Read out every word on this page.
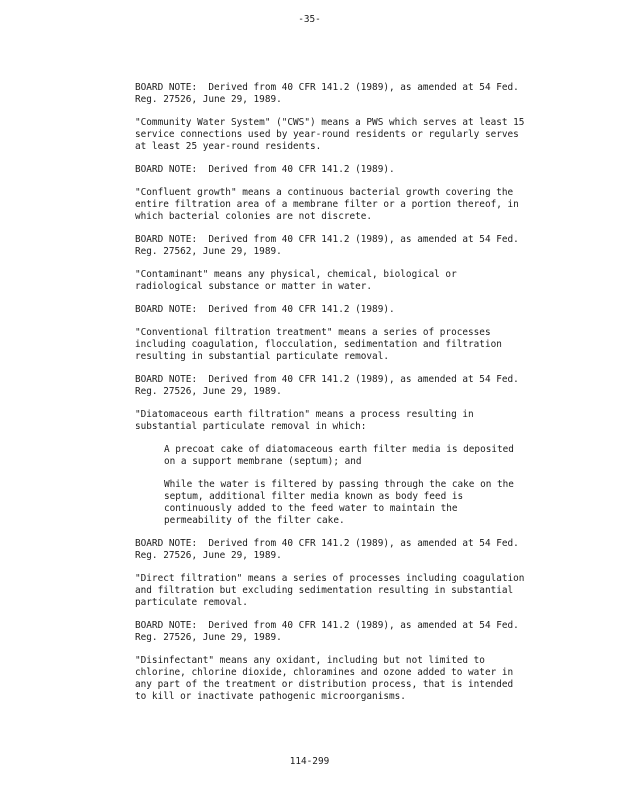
-35-

BOARD NOTE:  Derived from 40 CFR 141.2 (1989), as amended at 54 Fed.
Reg. 27526, June 29, 1989.

"Community Water System" ("CWS") means a PWS which serves at least 15
service connections used by year-round residents or regularly serves
at least 25 year-round residents.

BOARD NOTE:  Derived from 40 CFR 141.2 (1989).

"Confluent growth" means a continuous bacterial growth covering the
entire filtration area of a membrane filter or a portion thereof, in
which bacterial colonies are not discrete.

BOARD NOTE:  Derived from 40 CFR 141.2 (1989), as amended at 54 Fed.
Reg. 27562, June 29, 1989.

"Contaminant" means any physical, chemical, biological or
radiological substance or matter in water.

BOARD NOTE:  Derived from 40 CFR 141.2 (1989).

"Conventional filtration treatment" means a series of processes
including coagulation, flocculation, sedimentation and filtration
resulting in substantial particulate removal.

BOARD NOTE:  Derived from 40 CFR 141.2 (1989), as amended at 54 Fed.
Reg. 27526, June 29, 1989.

"Diatomaceous earth filtration" means a process resulting in
substantial particulate removal in which:

A precoat cake of diatomaceous earth filter media is deposited
on a support membrane (septum); and

While the water is filtered by passing through the cake on the
septum, additional filter media known as body feed is
continuously added to the feed water to maintain the
permeability of the filter cake.

BOARD NOTE:  Derived from 40 CFR 141.2 (1989), as amended at 54 Fed.
Reg. 27526, June 29, 1989.

"Direct filtration" means a series of processes including coagulation
and filtration but excluding sedimentation resulting in substantial
particulate removal.

BOARD NOTE:  Derived from 40 CFR 141.2 (1989), as amended at 54 Fed.
Reg. 27526, June 29, 1989.

"Disinfectant" means any oxidant, including but not limited to
chlorine, chlorine dioxide, chloramines and ozone added to water in
any part of the treatment or distribution process, that is intended
to kill or inactivate pathogenic microorganisms.

114-299
